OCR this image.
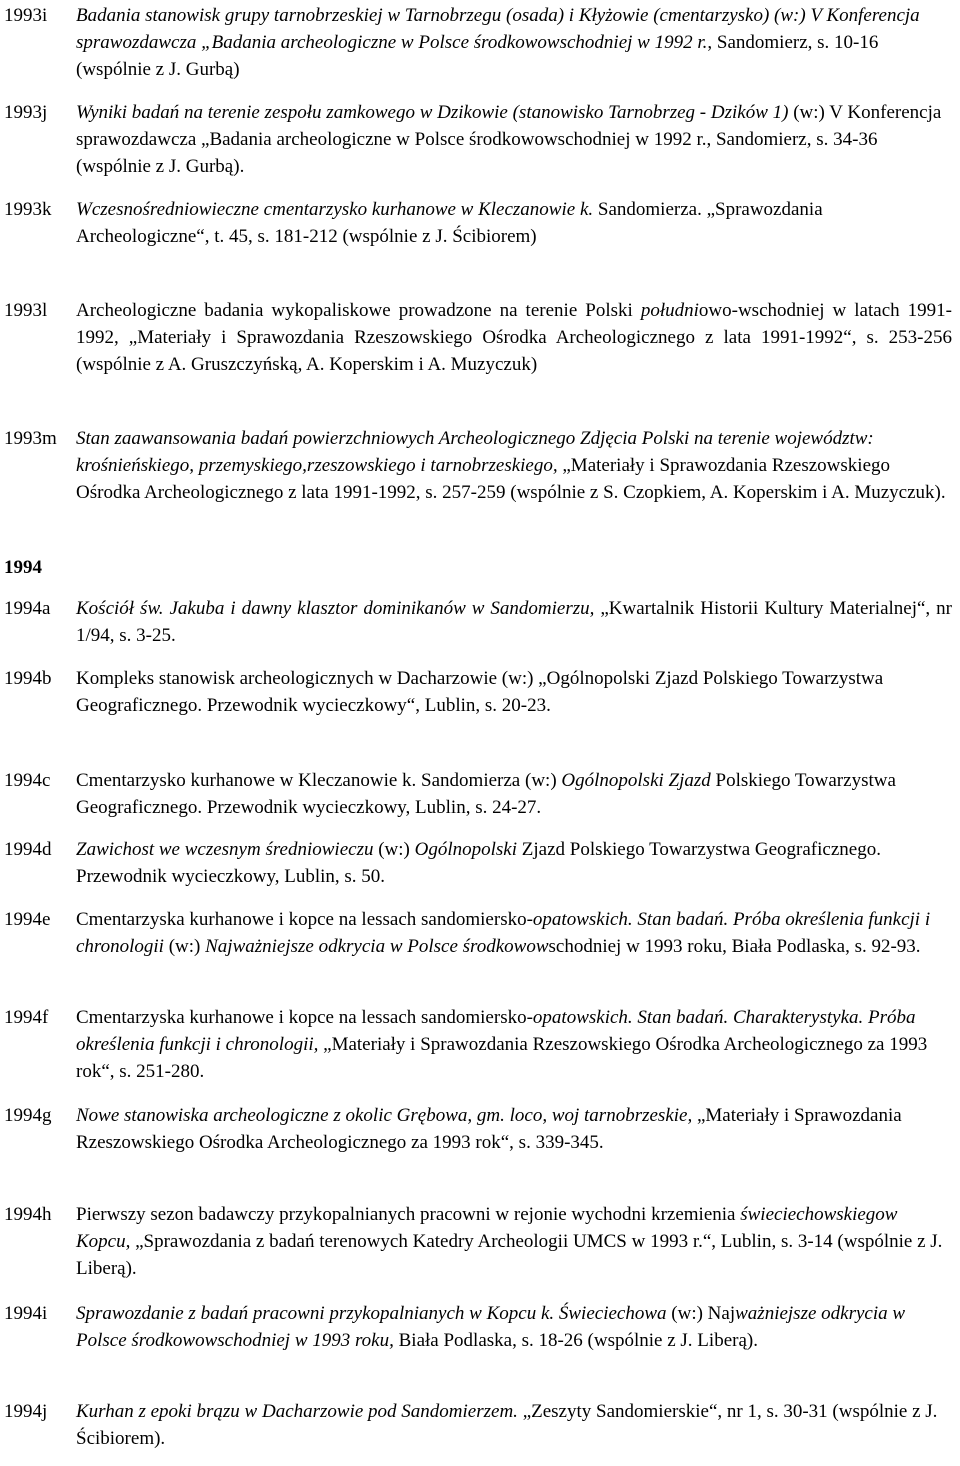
1993i	Badania stanowisk grupy tarnobrzeskiej w Tarnobrzegu (osada) i Kłyżowie (cmentarzysko) (w:) V Konferencja sprawozdawcza „Badania archeologiczne w Polsce środkowowschodniej w 1992 r., Sandomierz, s. 10-16 (wspólnie z J. Gurbą)
1993j	Wyniki badań na terenie zespołu zamkowego w Dzikowie (stanowisko Tarnobrzeg - Dzików 1) (w:) V Konferencja sprawozdawcza „Badania archeologiczne w Polsce środkowowschodniej w 1992 r., Sandomierz, s. 34-36 (wspólnie z J. Gurbą).
1993k	Wczesnośredniowieczne cmentarzysko kurhanowe w Kleczanowie k. Sandomierza. „Sprawozdania Archeologiczne“, t. 45, s. 181-212 (wspólnie z J. Ścibiorem)
1993l	Archeologiczne badania wykopaliskowe prowadzone na terenie Polski południowo-wschodniej w latach 1991-1992, „Materiały i Sprawozdania Rzeszowskiego Ośrodka Archeologicznego z lata 1991-1992“, s. 253-256 (wspólnie z A. Gruszczyńską, A. Koperskim i A. Muzyczuk)
1993m	Stan zaawansowania badań powierzchniowych Archeologicznego Zdjęcia Polski na terenie województw: krośnieńskiego, przemyskiego,rzeszowskiego i tarnobrzeskiego, „Materiały i Sprawozdania Rzeszowskiego Ośrodka Archeologicznego z lata 1991-1992, s. 257-259 (wspólnie z S. Czopkiem, A. Koperskim i A. Muzyczuk).
1994
1994a	Kościół św. Jakuba i dawny klasztor dominikanów w Sandomierzu, „Kwartalnik Historii Kultury Materialnej“, nr 1/94, s. 3-25.
1994b	Kompleks stanowisk archeologicznych w Dacharzowie (w:) „Ogólnopolski Zjazd Polskiego Towarzystwa Geograficznego. Przewodnik wycieczkowy“, Lublin, s. 20-23.
1994c	Cmentarzysko kurhanowe w Kleczanowie k. Sandomierza (w:) Ogólnopolski Zjazd Polskiego Towarzystwa Geograficznego. Przewodnik wycieczkowy, Lublin, s. 24-27.
1994d	Zawichost we wczesnym średniowieczu (w:) Ogólnopolski Zjazd Polskiego Towarzystwa Geograficznego. Przewodnik wycieczkowy, Lublin, s. 50.
1994e	Cmentarzyska kurhanowe i kopce na lessach sandomiersko-opatowskich. Stan badań. Próba określenia funkcji i chronologii (w:) Najważniejsze odkrycia w Polsce środkowowschodniej w 1993 roku, Biała Podlaska, s. 92-93.
1994f	Cmentarzyska kurhanowe i kopce na lessach sandomiersko-opatowskich. Stan badań. Charakterystyka. Próba określenia funkcji i chronologii, „Materiały i Sprawozdania Rzeszowskiego Ośrodka Archeologicznego za 1993 rok“, s. 251-280.
1994g	Nowe stanowiska archeologiczne z okolic Grębowa, gm. loco, woj tarnobrzeskie, „Materiały i Sprawozdania Rzeszowskiego Ośrodka Archeologicznego za 1993 rok“, s. 339-345.
1994h	Pierwszy sezon badawczy przykopalnianych pracowni w rejonie wychodni krzemienia świeciechowskiegow Kopcu, „Sprawozdania z badań terenowych Katedry Archeologii UMCS w 1993 r.“, Lublin, s. 3-14 (wspólnie z J. Liberą).
1994i	Sprawozdanie z badań pracowni przykopalnianych w Kopcu k. Świeciechowa (w:) Najważniejsze odkrycia w Polsce środkowowschodniej w 1993 roku, Biała Podlaska, s. 18-26 (wspólnie z J. Liberą).
1994j	Kurhan z epoki brązu w Dacharzowie pod Sandomierzem. „Zeszyty Sandomierskie“, nr 1, s. 30-31 (wspólnie z J. Ścibiorem).
